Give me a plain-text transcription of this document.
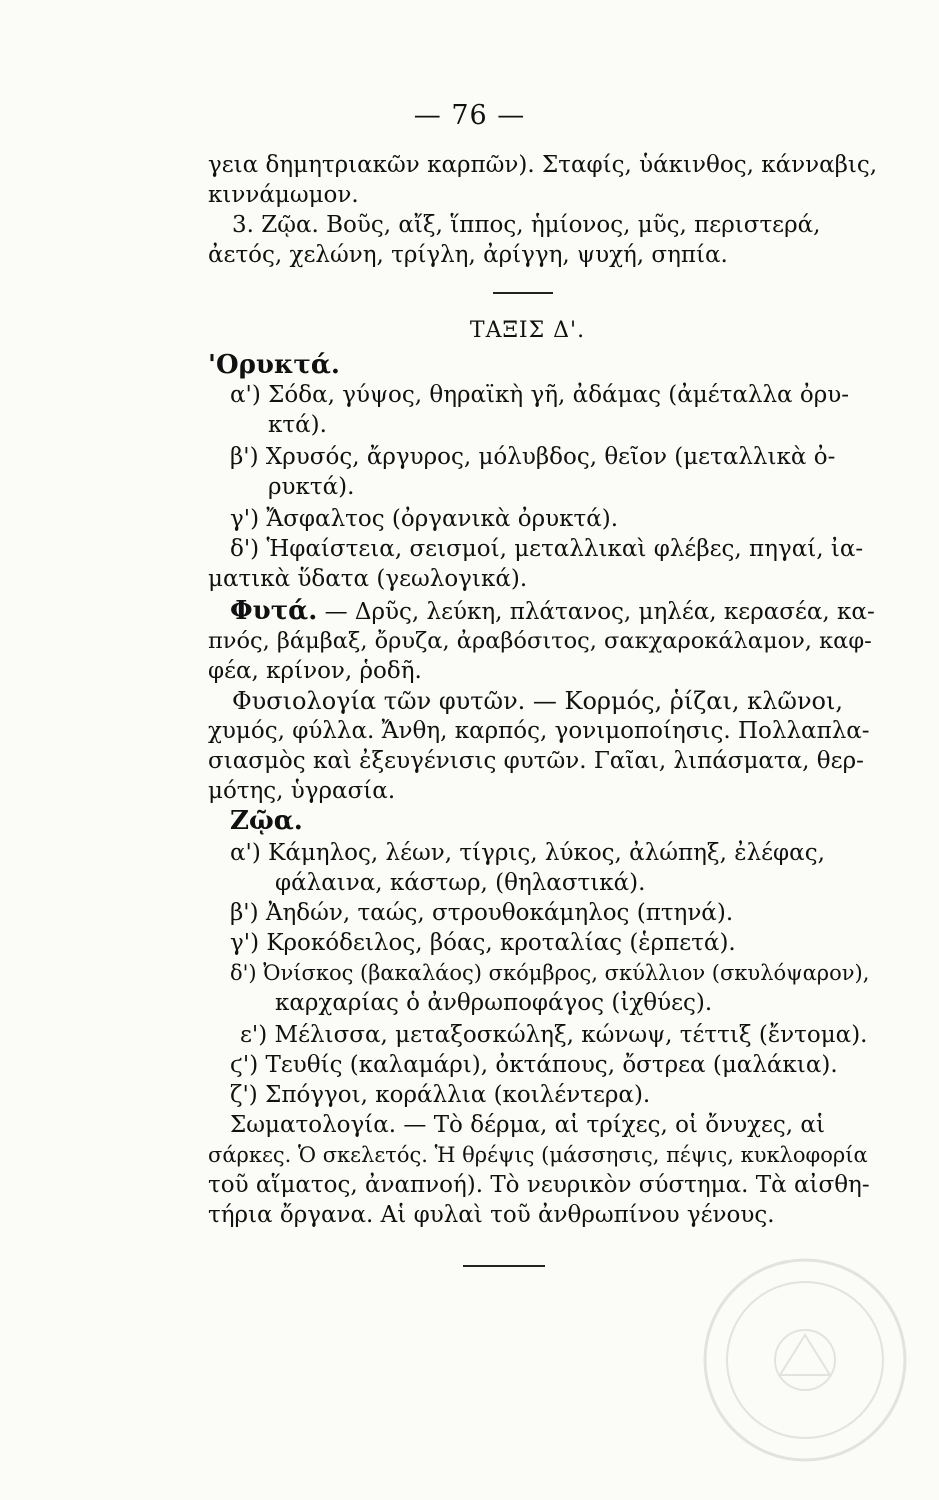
— 76 —
γεια δημητριακῶν καρπῶν). Σταφίς, ὑάκινθος, κάνναβις,
κιννάμωμον.
3. Ζῷα. Βοῦς, αἴξ, ἵππος, ἡμίονος, μῦς, περιστερά,
ἀετός, χελώνη, τρίγλη, ἀρίγγη, ψυχή, σηπία.
ΤΑΞΙΣ Δ'.
'Ορυκτά.
α') Σόδα, γύψος, θηραϊκὴ γῆ, ἀδάμας (ἀμέταλλα ὀρυ-
κτά).
β') Χρυσός, ἄργυρος, μόλυβδος, θεῖον (μεταλλικὰ ὀ-
ρυκτά).
γ') Ἄσφαλτος (ὀργανικὰ ὀρυκτά).
δ') Ἡφαίστεια, σεισμοί, μεταλλικαὶ φλέβες, πηγαί, ἰα-
ματικὰ ὕδατα (γεωλογικά).
Φυτά. — Δρῦς, λεύκη, πλάτανος, μηλέα, κερασέα, κα-
πνός, βάμβαξ, ὄρυζα, ἀραβόσιτος, σακχαροκάλαμον, καφ-
φέα, κρίνον, ῥοδῆ.
Φυσιολογία τῶν φυτῶν. — Κορμός, ῥίζαι, κλῶνοι,
χυμός, φύλλα. Ἄνθη, καρπός, γονιμοποίησις. Πολλαπλα-
σιασμὸς καὶ ἐξευγένισις φυτῶν. Γαῖαι, λιπάσματα, θερ-
μότης, ὑγρασία.
Ζῷα.
α') Κάμηλος, λέων, τίγρις, λύκος, ἀλώπηξ, ἐλέφας,
φάλαινα, κάστωρ, (θηλαστικά).
β') Ἀηδών, ταώς, στρουθοκάμηλος (πτηνά).
γ') Κροκόδειλος, βόας, κροταλίας (ἑρπετά).
δ') Ὀνίσκος (βακαλάος) σκόμβρος, σκύλλιον (σκυλόψαρον),
καρχαρίας ὁ ἀνθρωποφάγος (ἰχθύες).
ε') Μέλισσα, μεταξοσκώληξ, κώνωψ, τέττιξ (ἔντομα).
ϛ') Τευθίς (καλαμάρι), ὀκτάπους, ὄστρεα (μαλάκια).
ζ') Σπόγγοι, κοράλλια (κοιλέντερα).
Σωματολογία. — Τὸ δέρμα, αἱ τρίχες, οἱ ὄνυχες, αἱ
σάρκες. Ὁ σκελετός. Ἡ θρέψις (μάσσησις, πέψις, κυκλοφορία
τοῦ αἵματος, ἀναπνοή). Τὸ νευρικὸν σύστημα. Τὰ αἰσθη-
τήρια ὄργανα. Αἱ φυλαὶ τοῦ ἀνθρωπίνου γένους.
